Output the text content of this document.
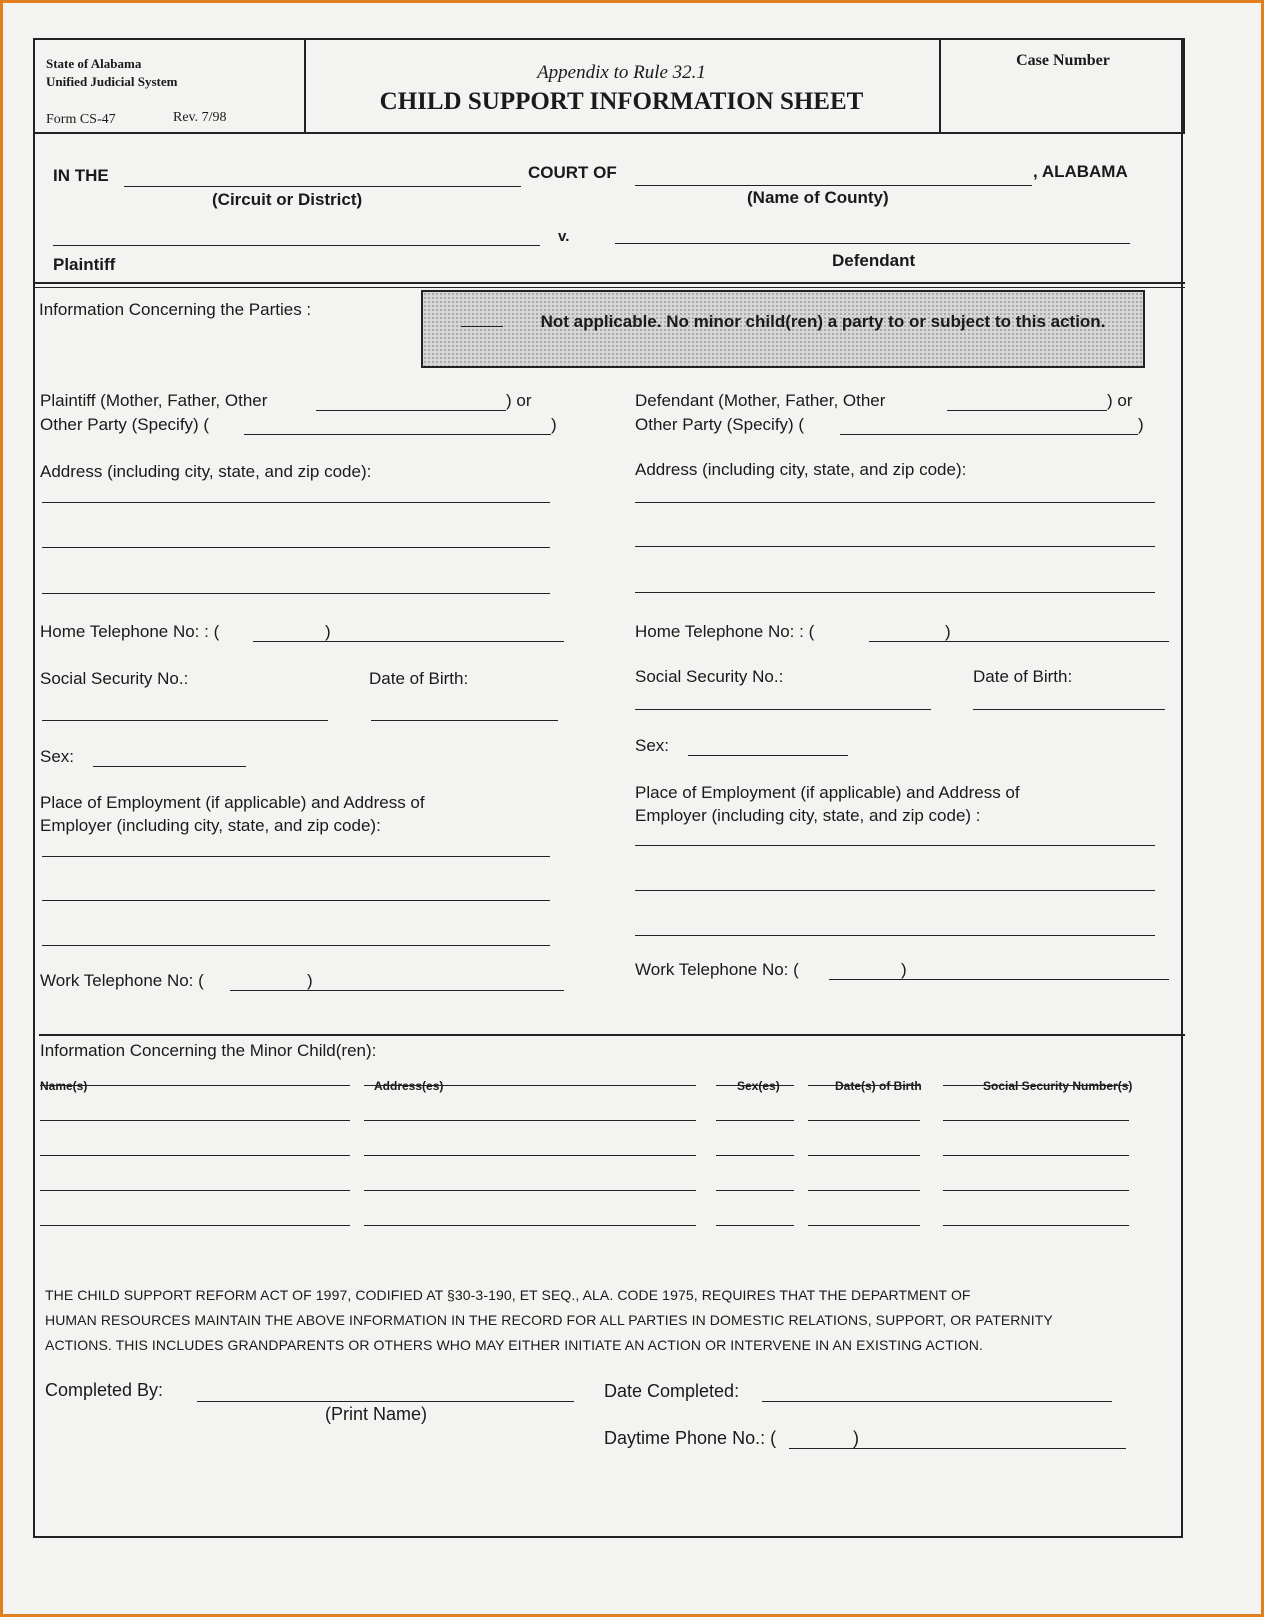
State of Alabama
Unified Judicial System
Form CS-47	Rev. 7/98
Appendix to Rule 32.1
CHILD SUPPORT INFORMATION SHEET
Case Number
IN THE	COURT OF	, ALABAMA
(Circuit or District)	(Name of County)
v.
Plaintiff	Defendant
Information Concerning the Parties :
Not applicable. No minor child(ren) a party to or subject to this action.
Plaintiff (Mother, Father, Other	) or
Other Party (Specify) (	)
Address (including city, state, and zip code):
Home Telephone No: : (	)
Social Security No.:	Date of Birth:
Sex:
Place of Employment (if applicable) and Address of
Employer (including city, state, and zip code):
Work Telephone No: (	)
Defendant (Mother, Father, Other	) or
Other Party (Specify) (	)
Address (including city, state, and zip code):
Home Telephone No: : (	)
Social Security No.:	Date of Birth:
Sex:
Place of Employment (if applicable) and Address of
Employer (including city, state, and zip code) :
Work Telephone No: (	)
Information Concerning the Minor Child(ren):
Name(s)	Address(es)	Sex(es)	Date(s) of Birth	Social Security Number(s)
THE CHILD SUPPORT REFORM ACT OF 1997, CODIFIED AT §30-3-190, ET SEQ., ALA. CODE 1975, REQUIRES THAT THE DEPARTMENT OF
HUMAN RESOURCES MAINTAIN THE ABOVE INFORMATION IN THE RECORD FOR ALL PARTIES IN DOMESTIC RELATIONS, SUPPORT, OR PATERNITY
ACTIONS. THIS INCLUDES GRANDPARENTS OR OTHERS WHO MAY EITHER INITIATE AN ACTION OR INTERVENE IN AN EXISTING ACTION.
Completed By:
(Print Name)
Date Completed:
Daytime Phone No.: (	)
